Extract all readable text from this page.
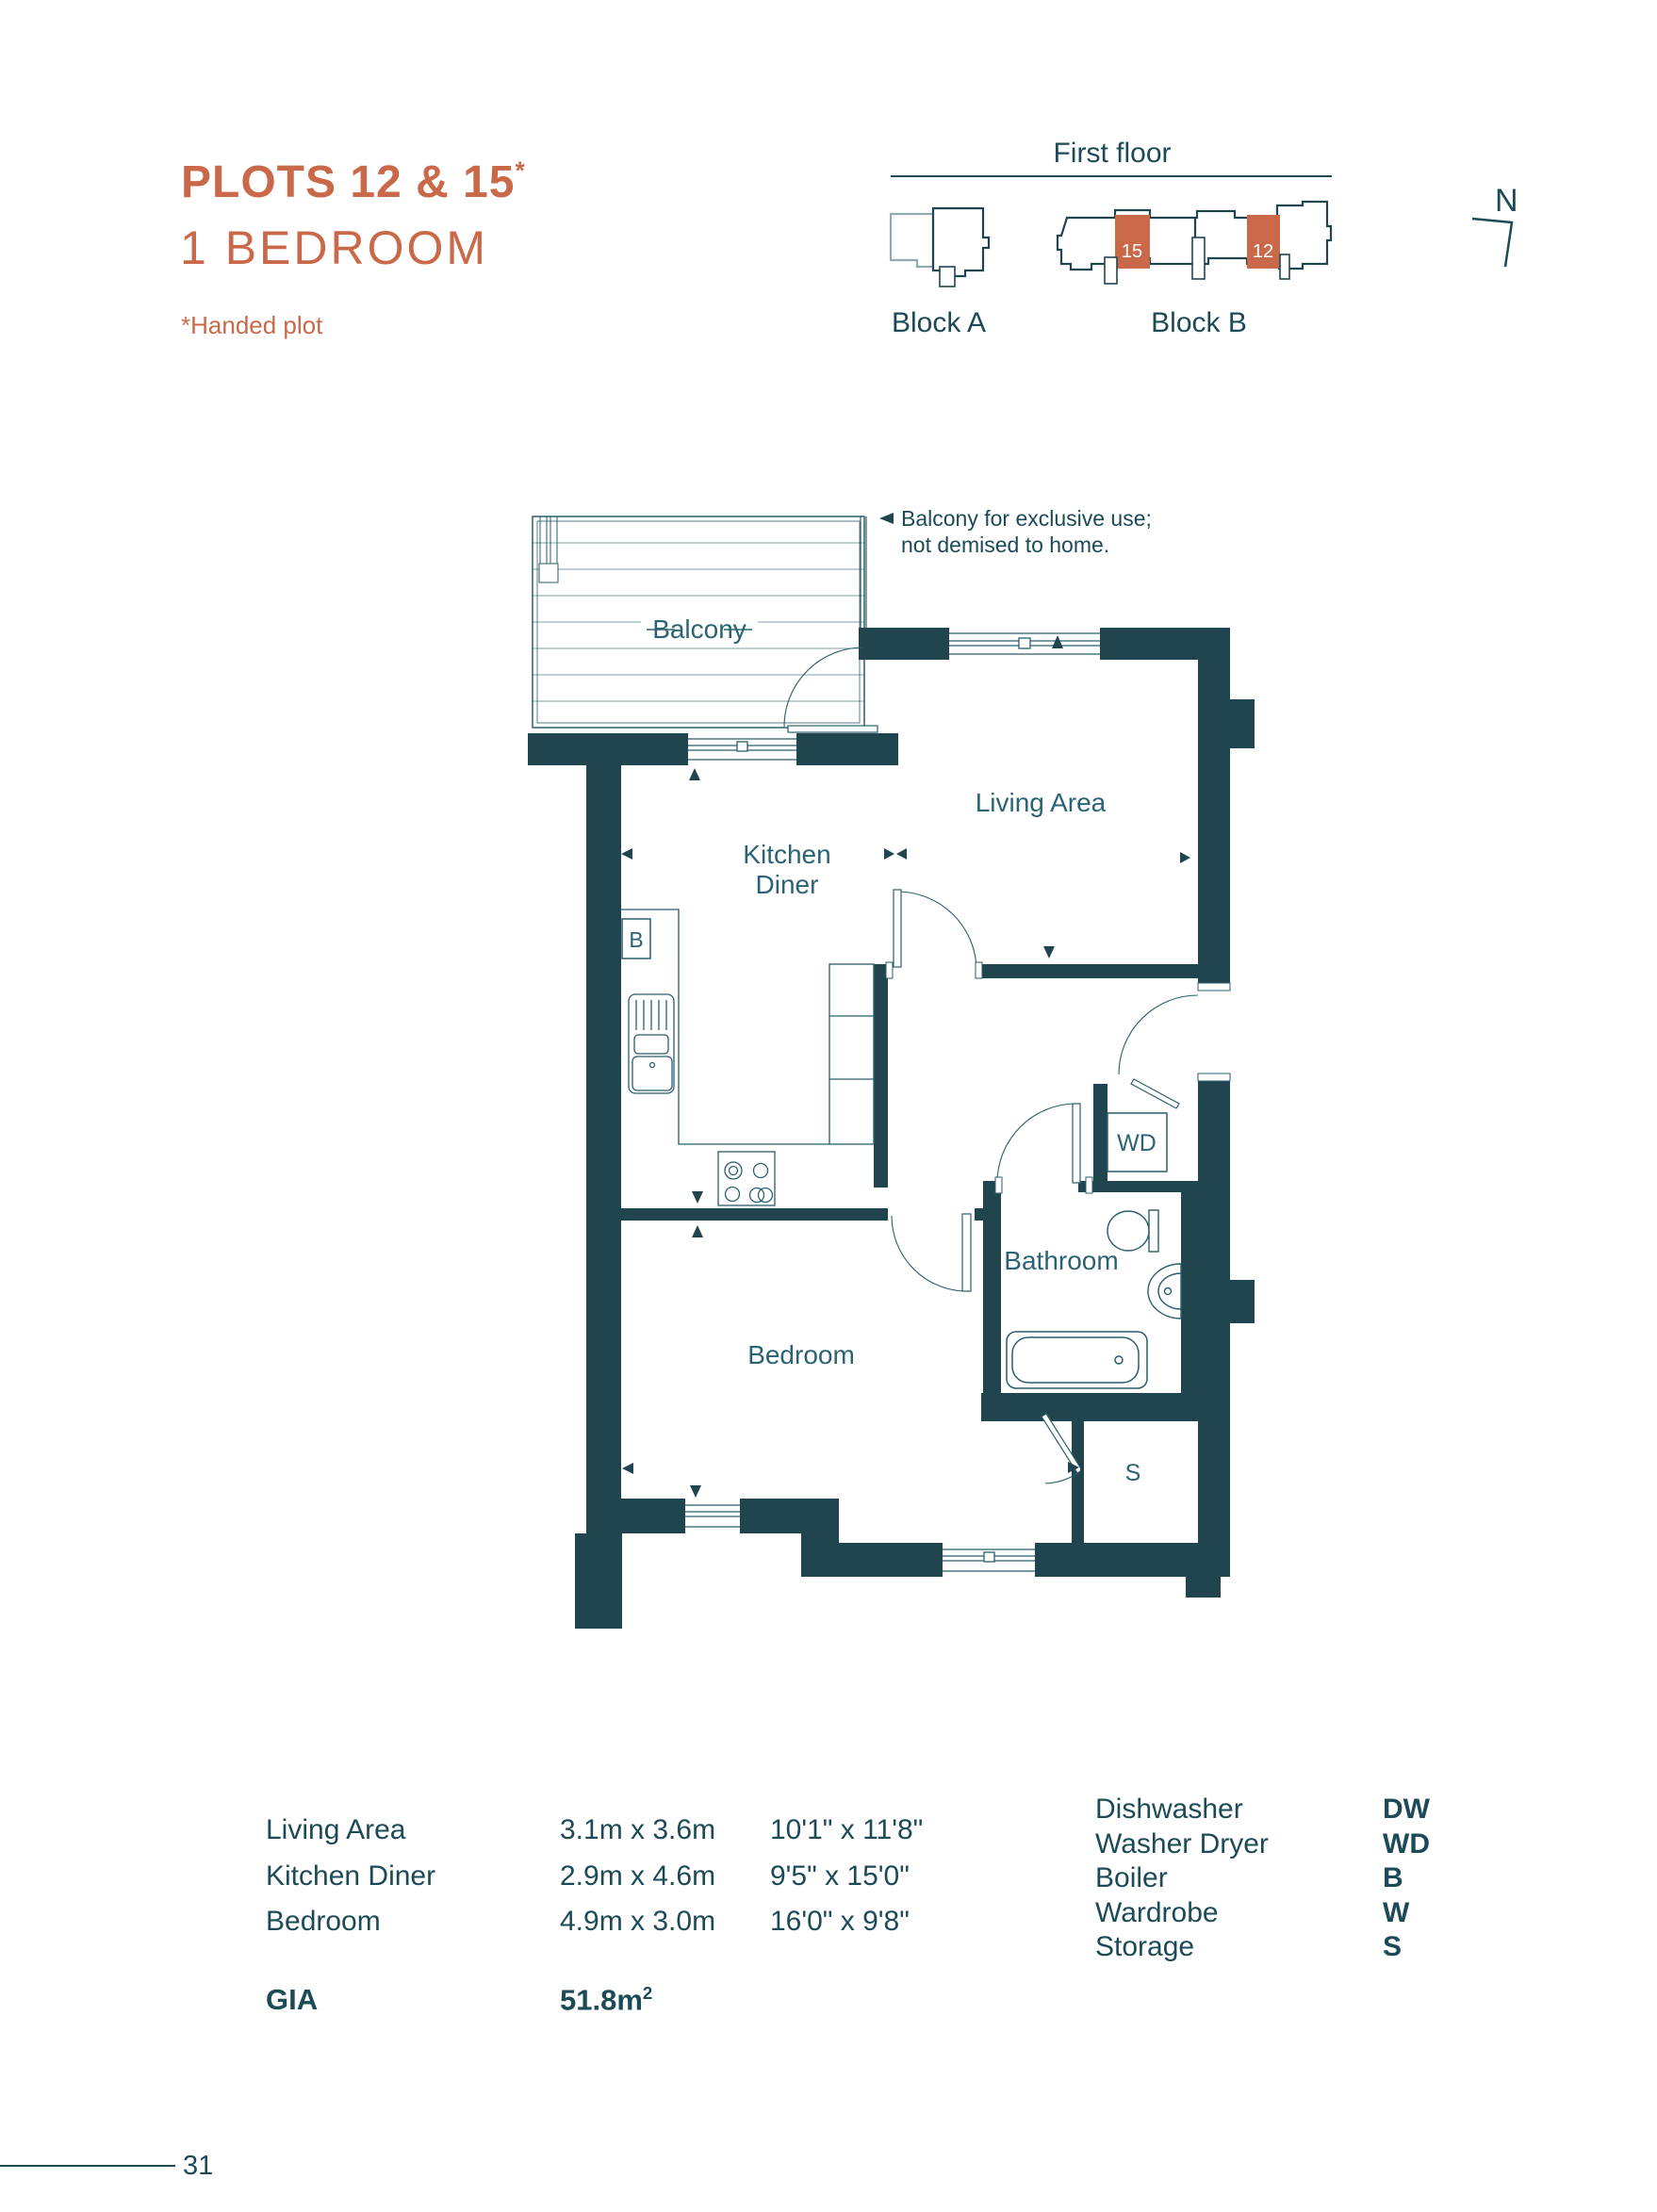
PLOTS 12 & 15*
1 BEDROOM
*Handed plot
First floor
15	12
Block A	Block B
N
Balcony
Living Area
Kitchen
Diner
Bedroom
Bathroom
WD
B
S
Balcony for exclusive use;
not demised to home.
Living Area	3.1m x 3.6m 10'1" x 11'8"
Kitchen Diner	2.9m x 4.6m 9'5" x 15'0"
Bedroom	4.9m x 3.0m 16'0" x 9'8"
GIA	$51.8m^2$
Dishwasher	DW
Washer Dryer	WD
Boiler	B
Wardrobe	W
Storage	S
31
